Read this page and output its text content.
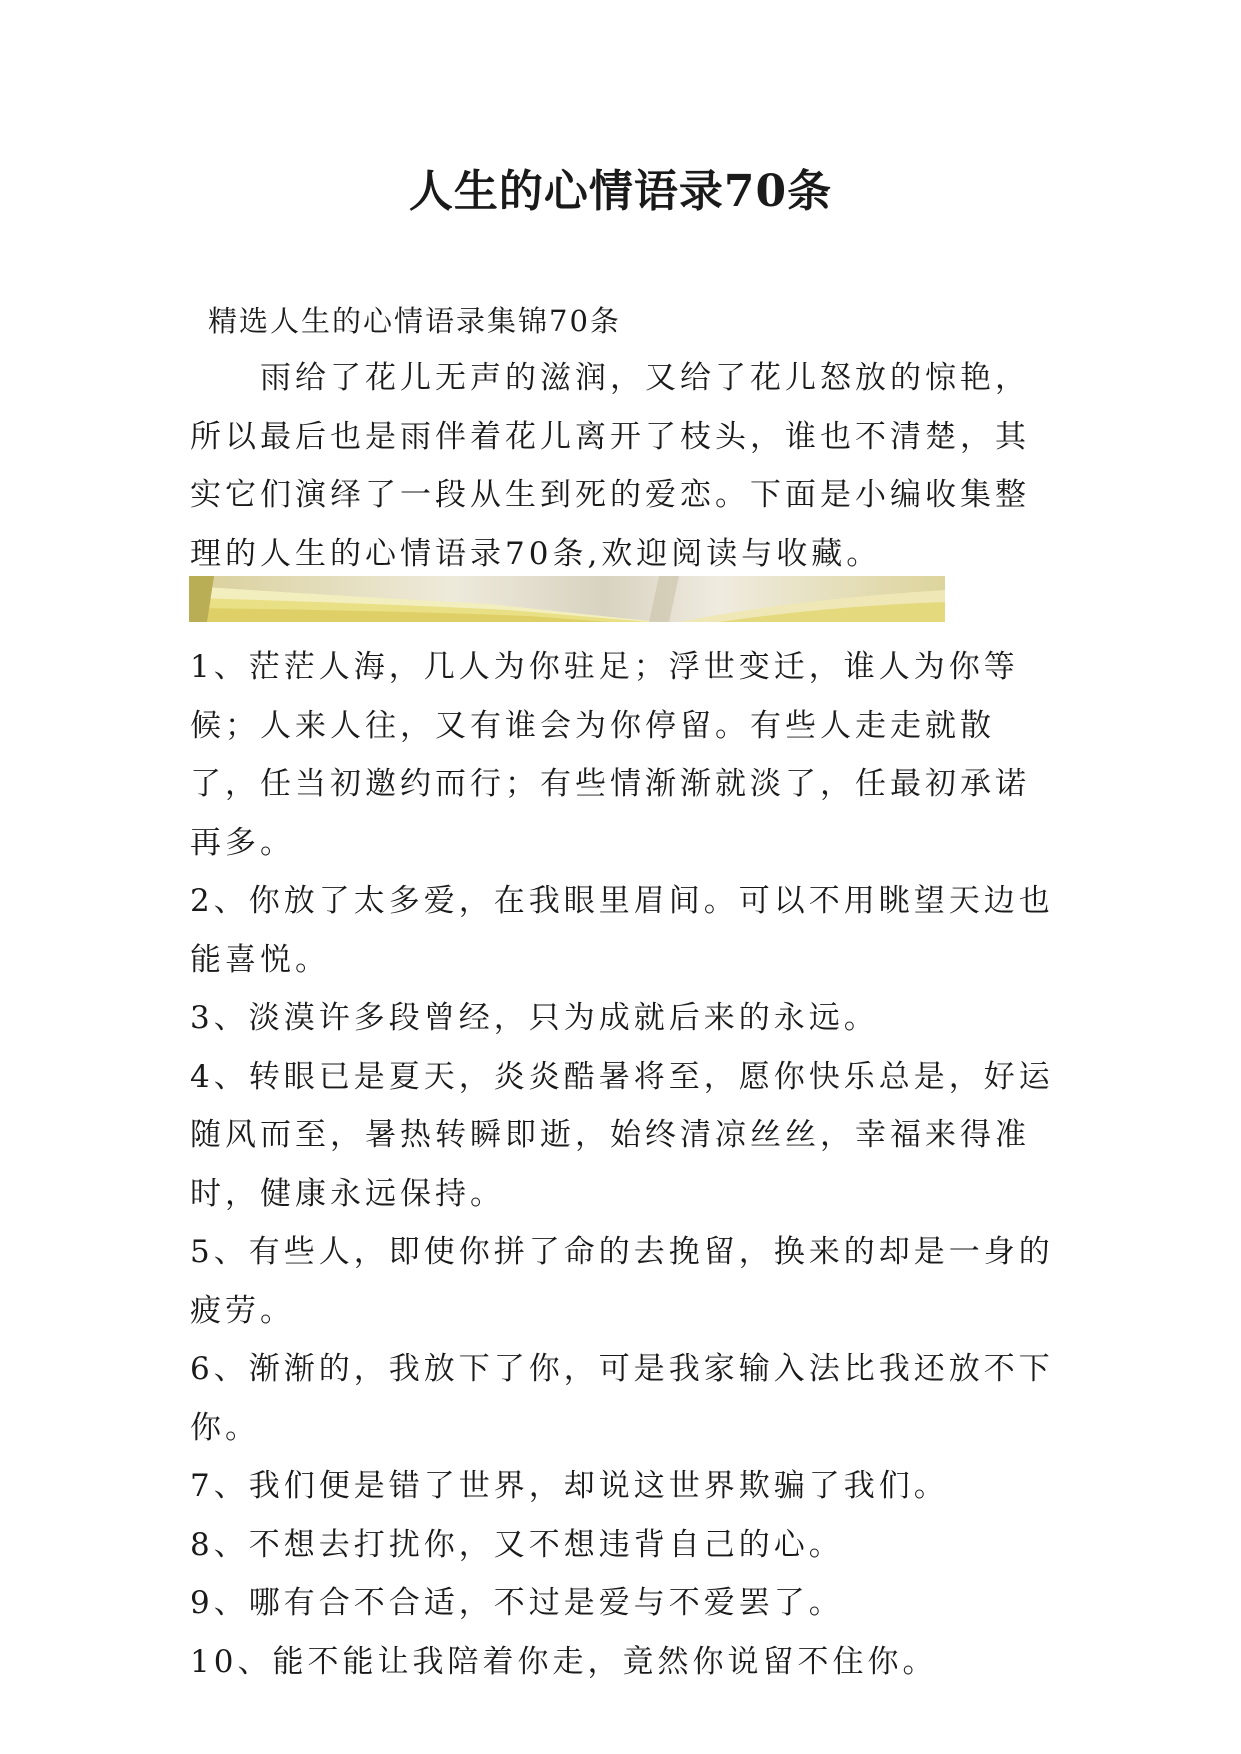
人生的心情语录70条

精选人生的心情语录集锦70条

雨给了花儿无声的滋润，又给了花儿怒放的惊艳，所以最后也是雨伴着花儿离开了枝头，谁也不清楚，其实它们演绎了一段从生到死的爱恋。下面是小编收集整理的人生的心情语录70条,欢迎阅读与收藏。

1、茫茫人海，几人为你驻足；浮世变迁，谁人为你等候；人来人往，又有谁会为你停留。有些人走走就散了，任当初邀约而行；有些情渐渐就淡了，任最初承诺再多。

2、你放了太多爱，在我眼里眉间。可以不用眺望天边也能喜悦。

3、淡漠许多段曾经，只为成就后来的永远。

4、转眼已是夏天，炎炎酷暑将至，愿你快乐总是，好运随风而至，暑热转瞬即逝，始终清凉丝丝，幸福来得准时，健康永远保持。

5、有些人，即使你拼了命的去挽留，换来的却是一身的疲劳。

6、渐渐的，我放下了你，可是我家输入法比我还放不下你。

7、我们便是错了世界，却说这世界欺骗了我们。

8、不想去打扰你，又不想违背自己的心。

9、哪有合不合适，不过是爱与不爱罢了。

10、能不能让我陪着你走，竟然你说留不住你。
